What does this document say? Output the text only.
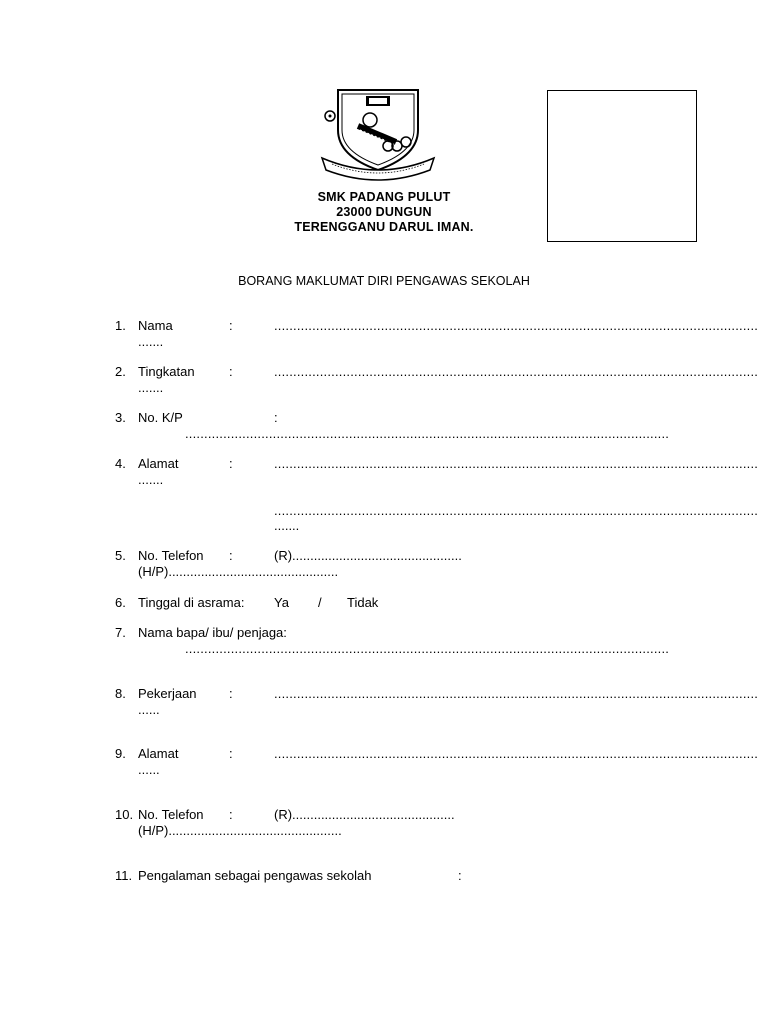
SMK PADANG PULUT
23000 DUNGUN
TERENGGANU DARUL IMAN.
BORANG MAKLUMAT DIRI PENGAWAS SEKOLAH
1. Nama	:	...............................................................................................................................
.......
2. Tingkatan	:	...............................................................................................................................
.......
3. No. K/P	:
...............................................................................................................................
4. Alamat	:	...............................................................................................................................
.......
...............................................................................................................................
.......
5. No. Telefon :	(R)...............................................
(H/P)...............................................
6. Tinggal di asrama: Ya / Tidak
7. Nama bapa/ ibu/ penjaga:
...............................................................................................................................
8. Pekerjaan :	...............................................................................................................................
......
9. Alamat	:	...............................................................................................................................
......
10. No. Telefon :	(R).............................................
(H/P)................................................
11. Pengalaman sebagai pengawas sekolah	:
